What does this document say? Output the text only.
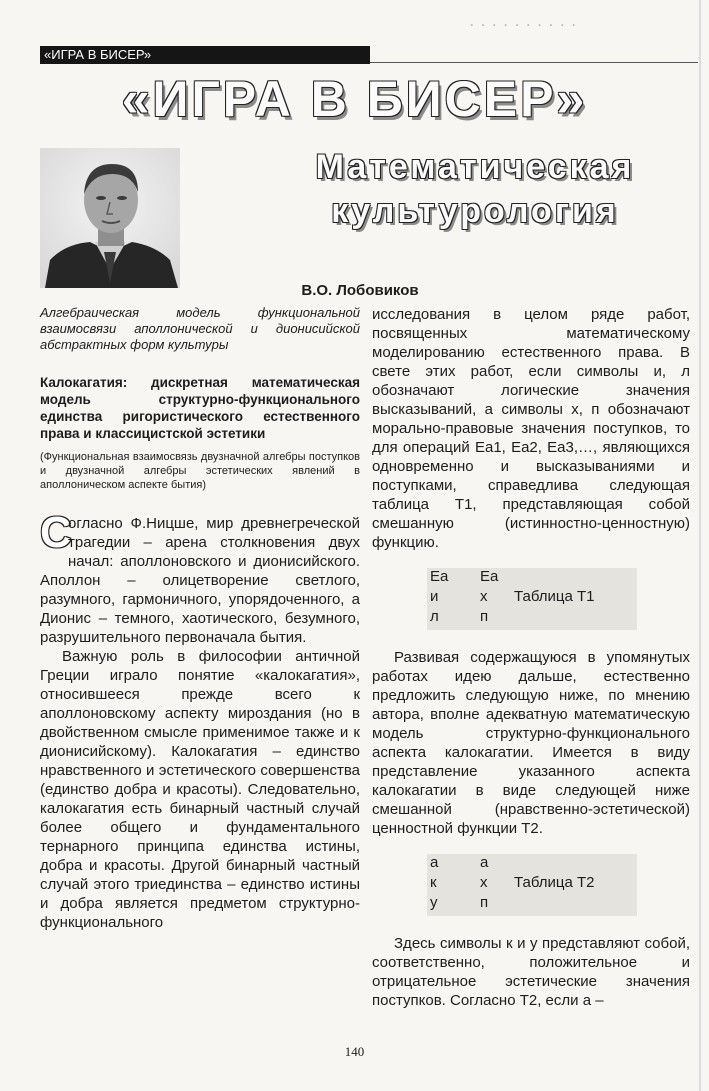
· · · · · · · · · ·
«ИГРА В БИСЕР»
«ИГРА В БИСЕР»
Математическая
культурология
В.О. Лобовиков

Алгебраическая модель функциональной взаимосвязи аполлонической и дионисийской абстрактных форм культуры

Калокагатия: дискретная математическая модель структурно-функционального единства ригористического естественного права и классицистской эстетики

(Функциональная взаимосвязь двузначной алгебры поступков и двузначной алгебры эстетических явлений в аполлоническом аспекте бытия)

С

огласно Ф.Ницше, мир древнегреческой трагедии – арена столкновения двух начал: аполлоновского и дионисийского. Аполлон – олицетворение светлого, разумного, гармоничного, упорядоченного, а Дионис – темного, хаотического, безумного, разрушительного первоначала бытия.

Важную роль в философии античной Греции играло понятие «калокагатия», относившееся прежде всего к аполлоновскому аспекту мироздания (но в двойственном смысле применимое также и к дионисийскому). Калокагатия – единство нравственного и эстетического совершенства (единство добра и красоты). Следовательно, калокагатия есть бинарный частный случай более общего и фундаментального тернарного принципа единства истины, добра и красоты. Другой бинарный частный случай этого триединства – единство истины и добра является предметом структурно-функционального

исследования в целом ряде работ, посвященных математическому моделированию естественного права. В свете этих работ, если символы и, л обозначают логические значения высказываний, а символы х, п обозначают морально-правовые значения поступков, то для операций Еа1, Еа2, Еа3,…, являющихся одновременно и высказываниями и поступками, справедлива следующая таблица Т1, представляющая собой смешанную (истинностно-ценностную) функцию.

Еа
и
л
Еа
х
п
Таблица Т1

Развивая содержащуюся в упомянутых работах идею дальше, естественно предложить следующую ниже, по мнению автора, вполне адекватную математическую модель структурно-функционального аспекта калокагатии. Имеется в виду представление указанного аспекта калокагатии в виде следующей ниже смешанной (нравственно-эстетической) ценностной функции Т2.

а
к
у
а
х
п
Таблица Т2

Здесь символы к и у представляют собой, соответственно, положительное и отрицательное эстетические значения поступков. Согласно Т2, если а –

140
